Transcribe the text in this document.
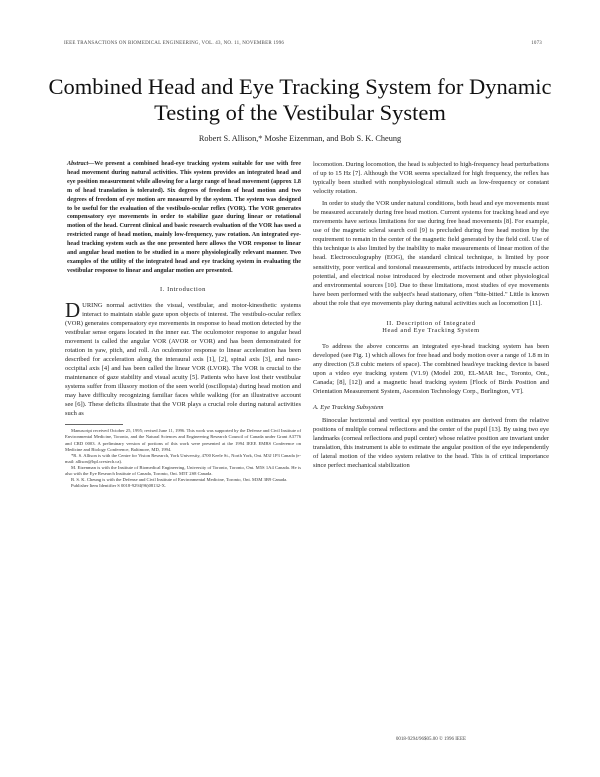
IEEE TRANSACTIONS ON BIOMEDICAL ENGINEERING, VOL. 43, NO. 11, NOVEMBER 1996	1073
Combined Head and Eye Tracking System for Dynamic Testing of the Vestibular System
Robert S. Allison,* Moshe Eizenman, and Bob S. K. Cheung

Abstract—We present a combined head-eye tracking system suitable for use with free head movement during natural activities. This system provides an integrated head and eye position measurement while allowing for a large range of head movement (approx 1.8 m of head translation is tolerated). Six degrees of freedom of head motion and two degrees of freedom of eye motion are measured by the system. The system was designed to be useful for the evaluation of the vestibulo-ocular reflex (VOR). The VOR generates compensatory eye movements in order to stabilize gaze during linear or rotational motion of the head. Current clinical and basic research evaluation of the VOR has used a restricted range of head motion, mainly low-frequency, yaw rotation. An integrated eye-head tracking system such as the one presented here allows the VOR response to linear and angular head motion to be studied in a more physiologically relevant manner. Two examples of the utility of the integrated head and eye tracking system in evaluating the vestibular response to linear and angular motion are presented.

I. Introduction

DURING normal activities the visual, vestibular, and motor-kinesthetic systems interact to maintain stable gaze upon objects of interest. The vestibulo-ocular reflex (VOR) generates compensatory eye movements in response to head motion detected by the vestibular sense organs located in the inner ear. The oculomotor response to angular head movement is called the angular VOR (AVOR or VOR) and has been demonstrated for rotation in yaw, pitch, and roll. An oculomotor response to linear acceleration has been described for acceleration along the interaural axis [1], [2], spinal axis [3], and naso-occipital axis [4] and has been called the linear VOR (LVOR). The VOR is crucial to the maintenance of gaze stability and visual acuity [5]. Patients who have lost their vestibular systems suffer from illusory motion of the seen world (oscillopsia) during head motion and may have difficulty recognizing familiar faces while walking (for an illustrative account see [6]). These deficits illustrate that the VOR plays a crucial role during natural activities such as

Manuscript received October 25, 1995; revised June 11, 1996. This work was supported by the Defense and Civil Institute of Environmental Medicine, Toronto, and the Natural Sciences and Engineering Research Council of Canada under Grant A3776 and CRD 0003. A preliminary version of portions of this work were presented at the 1994 IEEE EMBS Conference on Medicine and Biology Conference, Baltimore, MD, 1994.

*R. S. Allison is with the Centre for Vision Research, York University, 4700 Keele St., North York, Ont. M3J 1P3 Canada (e-mail: allison@hpl.crestech.ca).

M. Eizenman is with the Institute of Biomedical Engineering, University of Toronto, Toronto, Ont. M5S 1A4 Canada. He is also with the Eye Research Institute of Canada, Toronto, Ont. M5T 2S8 Canada.

B. S. K. Cheung is with the Defense and Civil Institute of Environmental Medicine, Toronto, Ont. M3M 3B9 Canada.

Publisher Item Identifier S 0018-9294(96)08132-X.

locomotion. During locomotion, the head is subjected to high-frequency head perturbations of up to 15 Hz [7]. Although the VOR seems specialized for high frequency, the reflex has typically been studied with nonphysiological stimuli such as low-frequency or constant velocity rotation.

In order to study the VOR under natural conditions, both head and eye movements must be measured accurately during free head motion. Current systems for tracking head and eye movements have serious limitations for use during free head movements [8]. For example, use of the magnetic scleral search coil [9] is precluded during free head motion by the requirement to remain in the center of the magnetic field generated by the field coil. Use of this technique is also limited by the inability to make measurements of linear motion of the head. Electrooculography (EOG), the standard clinical technique, is limited by poor sensitivity, poor vertical and torsional measurements, artifacts introduced by muscle action potential, and electrical noise introduced by electrode movement and other physiological and environmental sources [10]. Due to these limitations, most studies of eye movements have been performed with the subject's head stationary, often "bite-bitted." Little is known about the role that eye movements play during natural activities such as locomotion [11].

II. Description of Integrated
Head and Eye Tracking System

To address the above concerns an integrated eye-head tracking system has been developed (see Fig. 1) which allows for free head and body motion over a range of 1.8 m in any direction (5.8 cubic meters of space). The combined head/eye tracking device is based upon a video eye tracking system (V1.9) (Model 200, EL-MAR Inc., Toronto, Ont., Canada; [8], [12]) and a magnetic head tracking system [Flock of Birds Position and Orientation Measurement System, Ascension Technology Corp., Burlington, VT].

A. Eye Tracking Subsystem

Binocular horizontal and vertical eye position estimates are derived from the relative positions of multiple corneal reflections and the center of the pupil [13]. By using two eye landmarks (corneal reflections and pupil center) whose relative position are invariant under translation, this instrument is able to estimate the angular position of the eye independently of lateral motion of the video system relative to the head. This is of critical importance since perfect mechanical stabilization

0018-9294/96$05.00 © 1996 IEEE
